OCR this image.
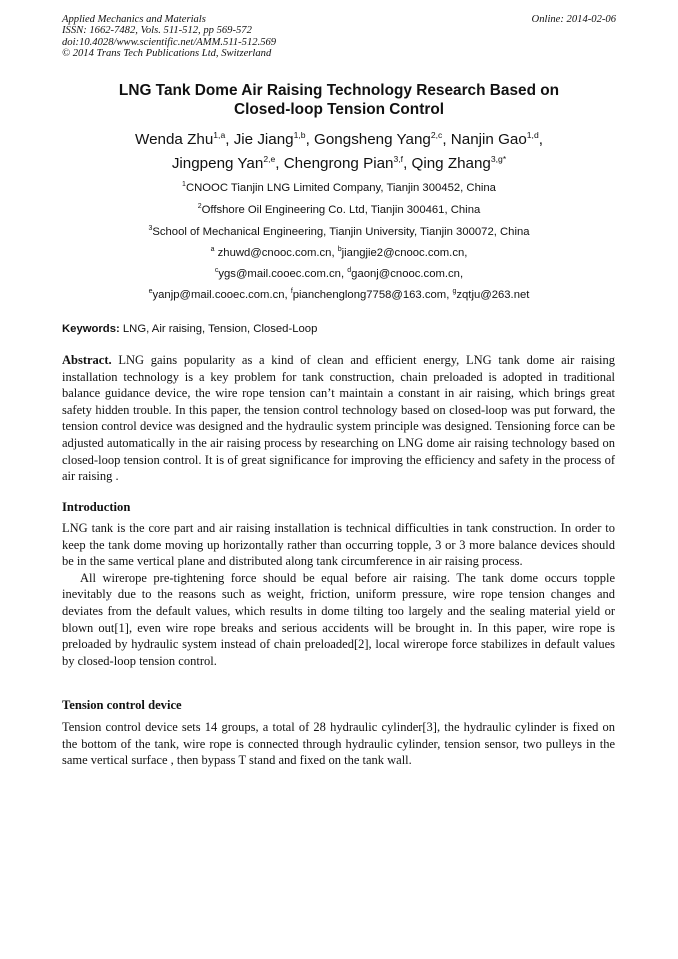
Applied Mechanics and Materials
ISSN: 1662-7482, Vols. 511-512, pp 569-572
doi:10.4028/www.scientific.net/AMM.511-512.569
© 2014 Trans Tech Publications Ltd, Switzerland
Online: 2014-02-06
LNG Tank Dome Air Raising Technology Research Based on
Closed-loop Tension Control
Wenda Zhu$^{1,a}$, Jie Jiang$^{1,b}$, Gongsheng Yang$^{2,c}$, Nanjin Gao$^{1,d}$,
Jingpeng Yan$^{2,e}$, Chengrong Pian$^{3,f}$, Qing Zhang$^{3,g*}$
$^1$CNOOC Tianjin LNG Limited Company, Tianjin 300452, China
$^2$Offshore Oil Engineering Co. Ltd, Tianjin 300461, China
$^3$School of Mechanical Engineering, Tianjin University, Tianjin 300072, China
$^a$ zhuwd@cnooc.com.cn, $^b$jiangjie2@cnooc.com.cn,
$^c$ygs@mail.cooec.com.cn, $^d$gaonj@cnooc.com.cn,
$^e$yanjp@mail.cooec.com.cn, $^f$pianchenglong7758@163.com, $^g$zqtju@263.net
Keywords: LNG, Air raising, Tension, Closed-Loop

Abstract. LNG gains popularity as a kind of clean and efficient energy, LNG tank dome air raising installation technology is a key problem for tank construction, chain preloaded is adopted in traditional balance guidance device, the wire rope tension can’t maintain a constant in air raising, which brings great safety hidden trouble. In this paper, the tension control technology based on closed-loop was put forward, the tension control device was designed and the hydraulic system principle was designed. Tensioning force can be adjusted automatically in the air raising process by researching on LNG dome air raising technology based on closed-loop tension control. It is of great significance for improving the efficiency and safety in the process of air raising .

Introduction

LNG tank is the core part and air raising installation is technical difficulties in tank construction. In order to keep the tank dome moving up horizontally rather than occurring topple, 3 or 3 more balance devices should be in the same vertical plane and distributed along tank circumference in air raising process.

All wirerope pre-tightening force should be equal before air raising. The tank dome occurs topple inevitably due to the reasons such as weight, friction, uniform pressure, wire rope tension changes and deviates from the default values, which results in dome tilting too largely and the sealing material yield or blown out[1], even wire rope breaks and serious accidents will be brought in. In this paper, wire rope is preloaded by hydraulic system instead of chain preloaded[2], local wirerope force stabilizes in default values by closed-loop tension control.

Tension control device

Tension control device sets 14 groups, a total of 28 hydraulic cylinder[3], the hydraulic cylinder is fixed on the bottom of the tank, wire rope is connected through hydraulic cylinder, tension sensor, two pulleys in the same vertical surface , then bypass T stand and fixed on the tank wall.
